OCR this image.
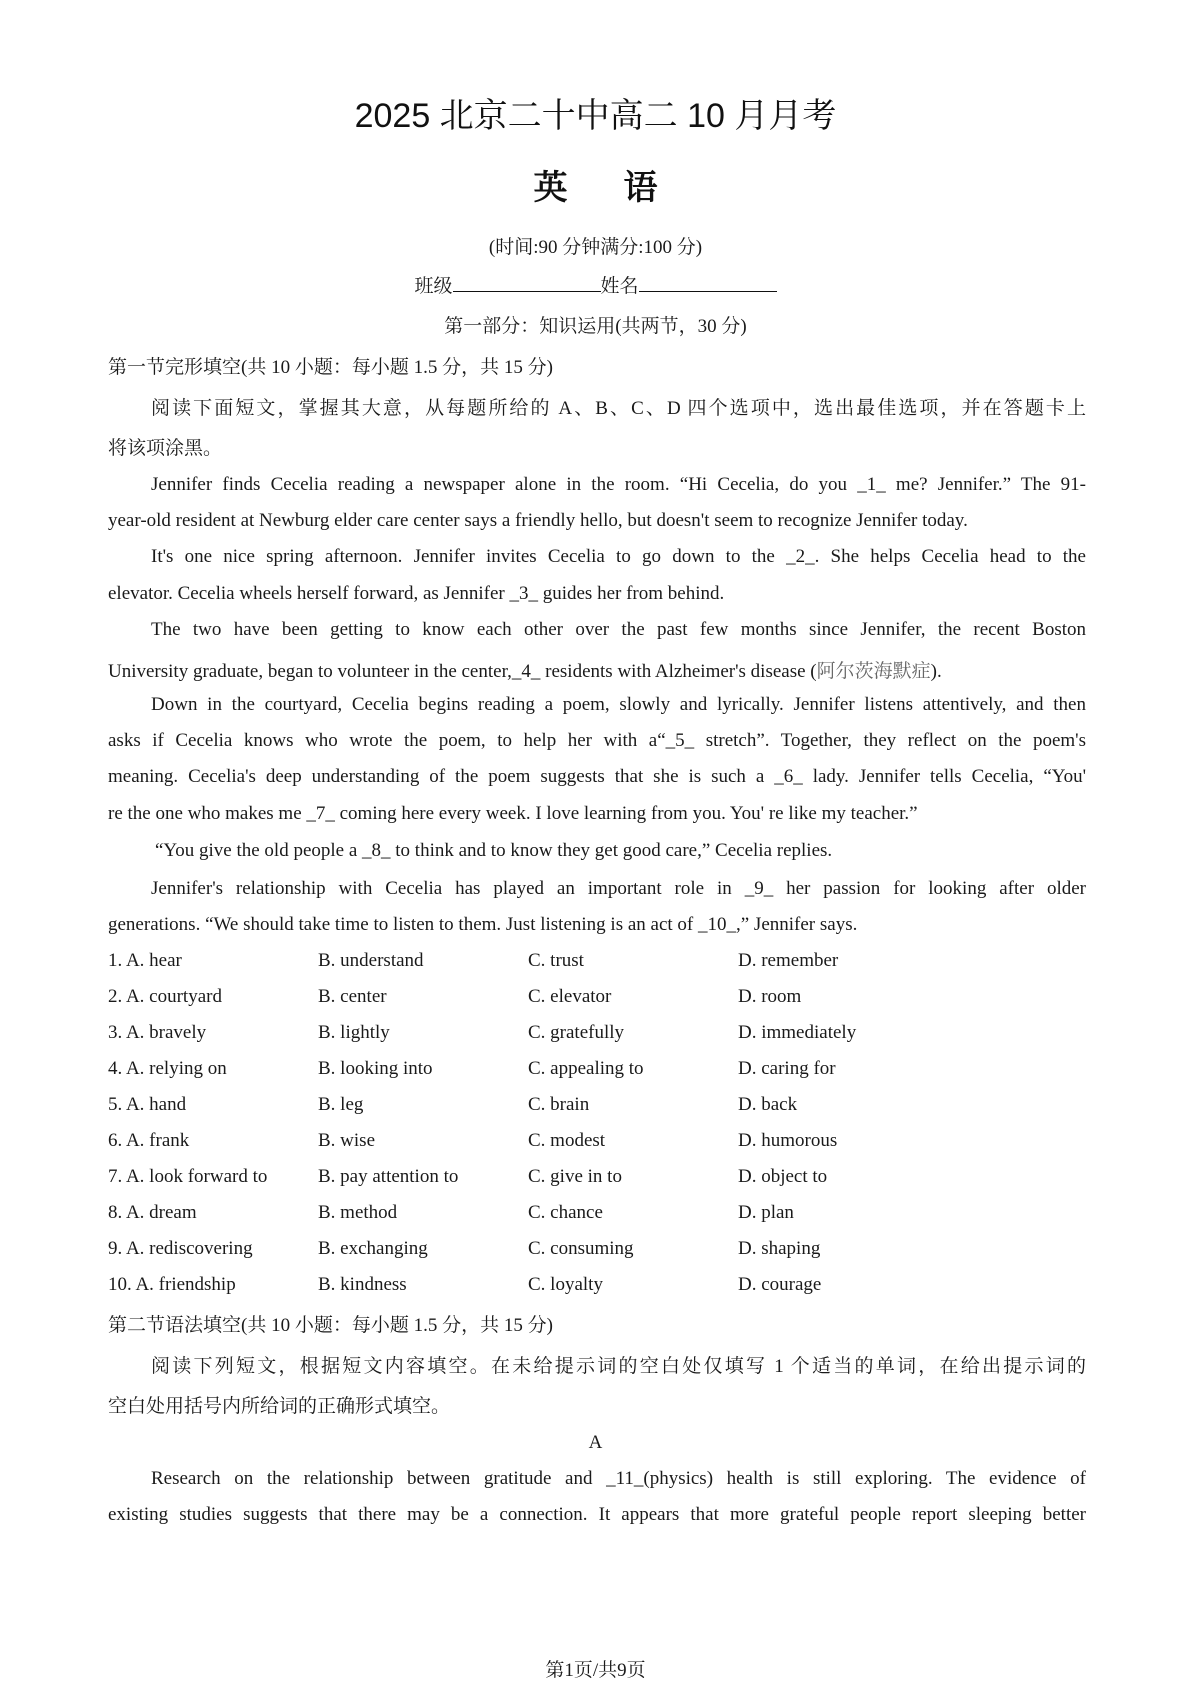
2025 北京二十中高二 10 月月考
英语
(时间:90 分钟满分:100 分)
班级	姓名
第一部分：知识运用(共两节，30 分)
第一节完形填空(共 10 小题：每小题 1.5 分，共 15 分)
阅读下面短文，掌握其大意，从每题所给的 A、B、C、D 四个选项中，选出最佳选项，并在答题卡上
将该项涂黑。
Jennifer finds Cecelia reading a newspaper alone in the room. “Hi Cecelia, do you _1_ me? Jennifer.” The 91-
year-old resident at Newburg elder care center says a friendly hello, but doesn't seem to recognize Jennifer today.
It's one nice spring afternoon. Jennifer invites Cecelia to go down to the _2_. She helps Cecelia head to the
elevator. Cecelia wheels herself forward, as Jennifer _3_ guides her from behind.
The two have been getting to know each other over the past few months since Jennifer, the recent Boston
University graduate, began to volunteer in the center,_4_ residents with Alzheimer's disease (阿尔茨海默症).
Down in the courtyard, Cecelia begins reading a poem, slowly and lyrically. Jennifer listens attentively, and then
asks if Cecelia knows who wrote the poem, to help her with a“_5_ stretch”. Together, they reflect on the poem's
meaning. Cecelia's deep understanding of the poem suggests that she is such a _6_ lady. Jennifer tells Cecelia, “You'
re the one who makes me _7_ coming here every week. I love learning from you. You' re like my teacher.”
“You give the old people a _8_ to think and to know they get good care,” Cecelia replies.
Jennifer's relationship with Cecelia has played an important role in _9_ her passion for looking after older
generations. “We should take time to listen to them. Just listening is an act of _10_,” Jennifer says.
1. A. hear	B. understand	C. trust	D. remember
2. A. courtyard	B. center	C. elevator	D. room
3. A. bravely	B. lightly	C. gratefully	D. immediately
4. A. relying on	B. looking into	C. appealing to	D. caring for
5. A. hand	B. leg	C. brain	D. back
6. A. frank	B. wise	C. modest	D. humorous
7. A. look forward to	B. pay attention to	C. give in to	D. object to
8. A. dream	B. method	C. chance	D. plan
9. A. rediscovering	B. exchanging	C. consuming	D. shaping
10. A. friendship	B. kindness	C. loyalty	D. courage
第二节语法填空(共 10 小题：每小题 1.5 分，共 15 分)
阅读下列短文，根据短文内容填空。在未给提示词的空白处仅填写 1 个适当的单词，在给出提示词的
空白处用括号内所给词的正确形式填空。
A
Research on the relationship between gratitude and _11_(physics) health is still exploring. The evidence of
existing studies suggests that there may be a connection. It appears that more grateful people report sleeping better
第1页/共9页
